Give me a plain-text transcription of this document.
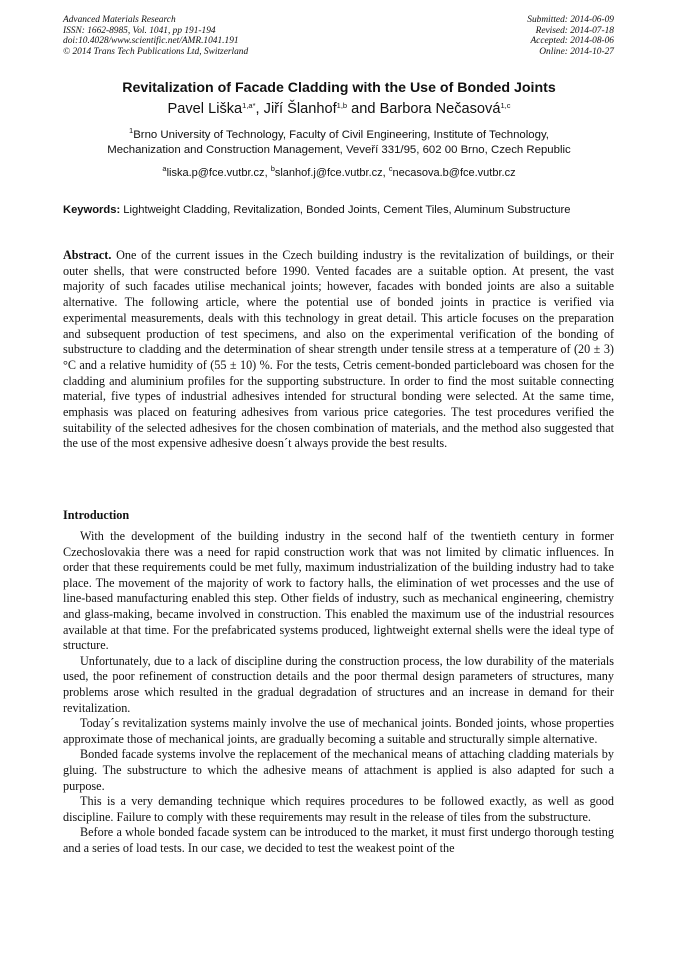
Advanced Materials Research
ISSN: 1662-8985, Vol. 1041, pp 191-194
doi:10.4028/www.scientific.net/AMR.1041.191
© 2014 Trans Tech Publications Ltd, Switzerland
Submitted: 2014-06-09
Revised: 2014-07-18
Accepted: 2014-08-06
Online: 2014-10-27
Revitalization of Facade Cladding with the Use of Bonded Joints
Pavel Liška$^{1,a*}$, Jiří Šlanhof$^{1,b}$ and Barbora Nečasová$^{1,c}$
$^1$Brno University of Technology, Faculty of Civil Engineering, Institute of Technology,
Mechanization and Construction Management, Veveří 331/95, 602 00 Brno, Czech Republic
$^a$liska.p@fce.vutbr.cz, $^b$slanhof.j@fce.vutbr.cz, $^c$necasova.b@fce.vutbr.cz
Keywords: Lightweight Cladding, Revitalization, Bonded Joints, Cement Tiles, Aluminum Substructure
Abstract. One of the current issues in the Czech building industry is the revitalization of buildings, or their outer shells, that were constructed before 1990. Vented facades are a suitable option. At present, the vast majority of such facades utilise mechanical joints; however, facades with bonded joints are also a suitable alternative. The following article, where the potential use of bonded joints in practice is verified via experimental measurements, deals with this technology in great detail. This article focuses on the preparation and subsequent production of test specimens, and also on the experimental verification of the bonding of substructure to cladding and the determination of shear strength under tensile stress at a temperature of (20 ± 3) °C and a relative humidity of (55 ± 10) %. For the tests, Cetris cement-bonded particleboard was chosen for the cladding and aluminium profiles for the supporting substructure. In order to find the most suitable connecting material, five types of industrial adhesives intended for structural bonding were selected. At the same time, emphasis was placed on featuring adhesives from various price categories. The test procedures verified the suitability of the selected adhesives for the chosen combination of materials, and the method also suggested that the use of the most expensive adhesive doesn´t always provide the best results.
Introduction

With the development of the building industry in the second half of the twentieth century in former Czechoslovakia there was a need for rapid construction work that was not limited by climatic influences. In order that these requirements could be met fully, maximum industrialization of the building industry had to take place. The movement of the majority of work to factory halls, the elimination of wet processes and the use of line-based manufacturing enabled this step. Other fields of industry, such as mechanical engineering, chemistry and glass-making, became involved in construction. This enabled the maximum use of the industrial resources available at that time. For the prefabricated systems produced, lightweight external shells were the ideal type of structure.

Unfortunately, due to a lack of discipline during the construction process, the low durability of the materials used, the poor refinement of construction details and the poor thermal design parameters of structures, many problems arose which resulted in the gradual degradation of structures and an increase in demand for their revitalization.

Today´s revitalization systems mainly involve the use of mechanical joints. Bonded joints, whose properties approximate those of mechanical joints, are gradually becoming a suitable and structurally simple alternative.

Bonded facade systems involve the replacement of the mechanical means of attaching cladding materials by gluing. The substructure to which the adhesive means of attachment is applied is also adapted for such a purpose.

This is a very demanding technique which requires procedures to be followed exactly, as well as good discipline. Failure to comply with these requirements may result in the release of tiles from the substructure.

Before a whole bonded facade system can be introduced to the market, it must first undergo thorough testing and a series of load tests. In our case, we decided to test the weakest point of the
